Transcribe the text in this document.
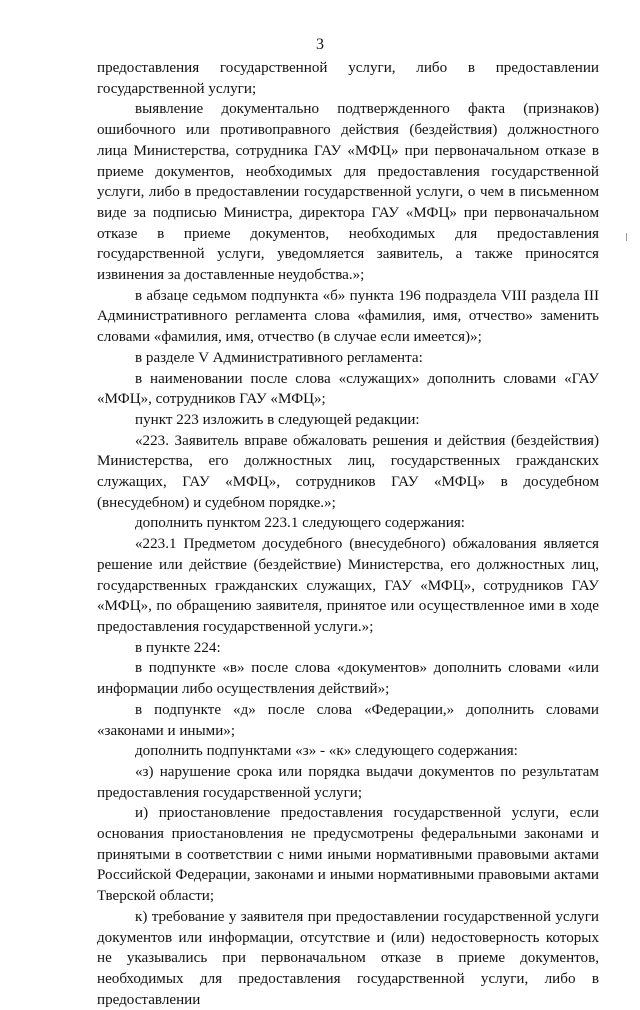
3

предоставления государственной услуги, либо в предоставлении государственной услуги;

выявление документально подтвержденного факта (признаков) ошибочного или противоправного действия (бездействия) должностного лица Министерства, сотрудника ГАУ «МФЦ» при первоначальном отказе в приеме документов, необходимых для предоставления государственной услуги, либо в предоставлении государственной услуги, о чем в письменном виде за подписью Министра, директора ГАУ «МФЦ» при первоначальном отказе в приеме документов, необходимых для предоставления государственной услуги, уведомляется заявитель, а также приносятся извинения за доставленные неудобства.»;

в абзаце седьмом подпункта «б» пункта 196 подраздела VIII раздела III Административного регламента слова «фамилия, имя, отчество» заменить словами «фамилия, имя, отчество (в случае если имеется)»;

в разделе V Административного регламента:

в наименовании после слова «служащих» дополнить словами «ГАУ «МФЦ», сотрудников ГАУ «МФЦ»;

пункт 223 изложить в следующей редакции:

«223. Заявитель вправе обжаловать решения и действия (бездействия) Министерства, его должностных лиц, государственных гражданских служащих, ГАУ «МФЦ», сотрудников ГАУ «МФЦ» в досудебном (внесудебном) и судебном порядке.»;

дополнить пунктом 223.1 следующего содержания:

«223.1 Предметом досудебного (внесудебного) обжалования является решение или действие (бездействие) Министерства, его должностных лиц, государственных гражданских служащих, ГАУ «МФЦ», сотрудников ГАУ «МФЦ», по обращению заявителя, принятое или осуществленное ими в ходе предоставления государственной услуги.»;

в пункте 224:

в подпункте «в» после слова «документов» дополнить словами «или информации либо осуществления действий»;

в подпункте «д» после слова «Федерации,» дополнить словами «законами и иными»;

дополнить подпунктами «з» - «к» следующего содержания:

«з) нарушение срока или порядка выдачи документов по результатам предоставления государственной услуги;

и) приостановление предоставления государственной услуги, если основания приостановления не предусмотрены федеральными законами и принятыми в соответствии с ними иными нормативными правовыми актами Российской Федерации, законами и иными нормативными правовыми актами Тверской области;

к) требование у заявителя при предоставлении государственной услуги документов или информации, отсутствие и (или) недостоверность которых не указывались при первоначальном отказе в приеме документов, необходимых для предоставления государственной услуги, либо в предоставлении
